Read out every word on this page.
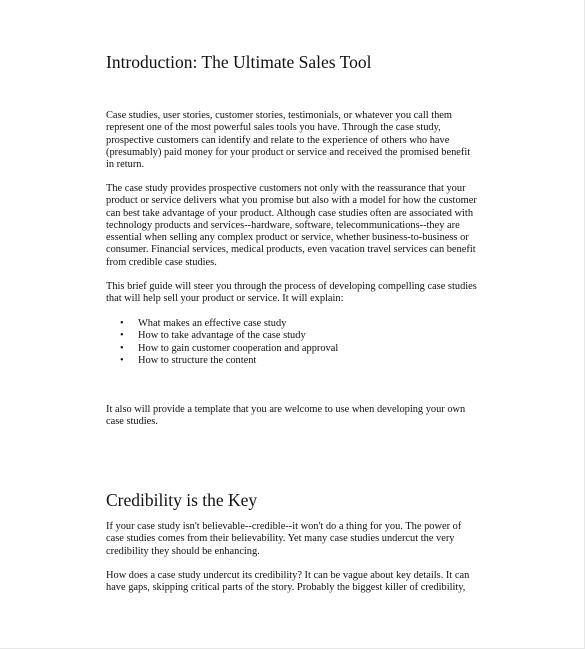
Introduction: The Ultimate Sales Tool

Case studies, user stories, customer stories, testimonials, or whatever you call them
represent one of the most powerful sales tools you have. Through the case study,
prospective customers can identify and relate to the experience of others who have
(presumably) paid money for your product or service and received the promised benefit
in return.

The case study provides prospective customers not only with the reassurance that your
product or service delivers what you promise but also with a model for how the customer
can best take advantage of your product. Although case studies often are associated with
technology products and services--hardware, software, telecommunications--they are
essential when selling any complex product or service, whether business-to-business or
consumer. Financial services, medical products, even vacation travel services can benefit
from credible case studies.

This brief guide will steer you through the process of developing compelling case studies
that will help sell your product or service. It will explain:

• What makes an effective case study
• How to take advantage of the case study
• How to gain customer cooperation and approval
• How to structure the content

It also will provide a template that you are welcome to use when developing your own
case studies.

Credibility is the Key

If your case study isn't believable--credible--it won't do a thing for you. The power of
case studies comes from their believability. Yet many case studies undercut the very
credibility they should be enhancing.

How does a case study undercut its credibility? It can be vague about key details. It can
have gaps, skipping critical parts of the story. Probably the biggest killer of credibility,
